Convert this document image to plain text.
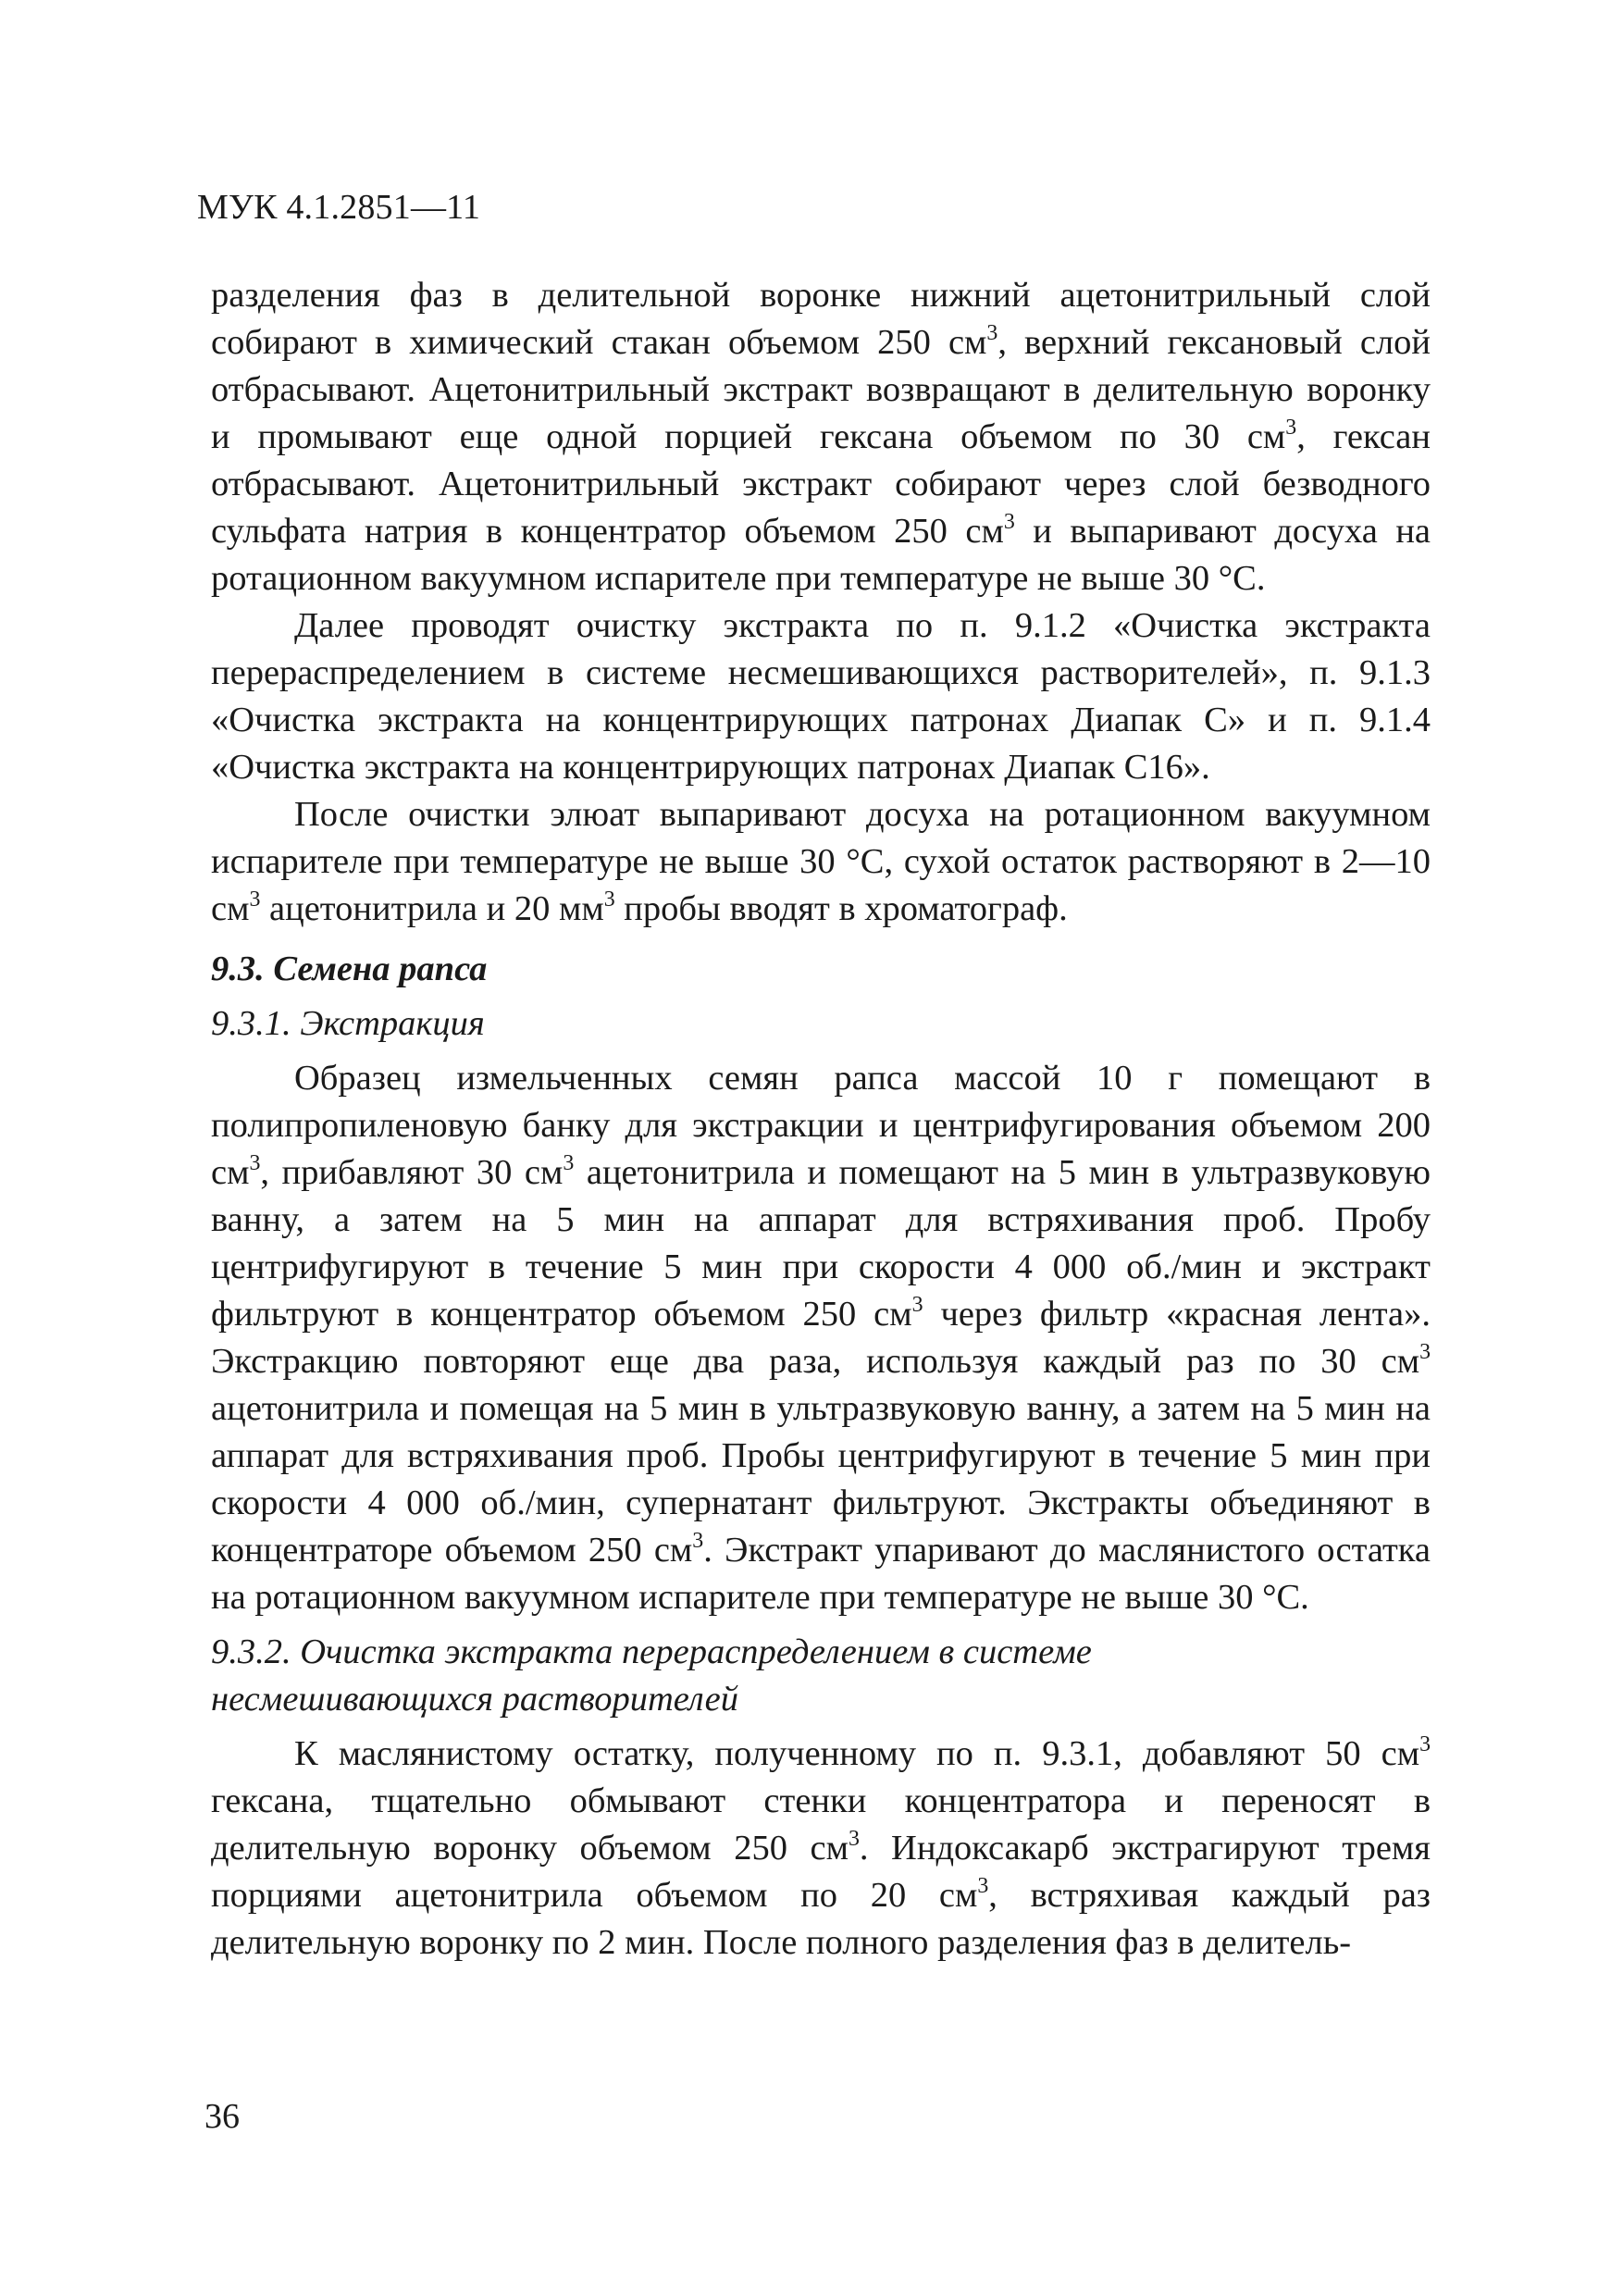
МУК 4.1.2851—11

разделения фаз в делительной воронке нижний ацетонитрильный слой собирают в химический стакан объемом 250 $см^3$, верхний гексановый слой отбрасывают. Ацетонитрильный экстракт возвращают в делительную воронку и промывают еще одной порцией гексана объемом по 30 $см^3$, гексан отбрасывают. Ацетонитрильный экстракт собирают через слой безводного сульфата натрия в концентратор объемом 250 $см^3$ и выпаривают досуха на ротационном вакуумном испарителе при температуре не выше 30 °С.

Далее проводят очистку экстракта по п. 9.1.2 «Очистка экстракта перераспределением в системе несмешивающихся растворителей», п. 9.1.3 «Очистка экстракта на концентрирующих патронах Диапак С» и п. 9.1.4 «Очистка экстракта на концентрирующих патронах Диапак С16».

После очистки элюат выпаривают досуха на ротационном вакуумном испарителе при температуре не выше 30 °С, сухой остаток растворяют в 2—10 $см^3$ ацетонитрила и 20 $мм^3$ пробы вводят в хроматограф.

9.3. Семена рапса

9.3.1. Экстракция

Образец измельченных семян рапса массой 10 г помещают в полипропиленовую банку для экстракции и центрифугирования объемом 200 $см^3$, прибавляют 30 $см^3$ ацетонитрила и помещают на 5 мин в ультразвуковую ванну, а затем на 5 мин на аппарат для встряхивания проб. Пробу центрифугируют в течение 5 мин при скорости 4 000 об./мин и экстракт фильтруют в концентратор объемом 250 $см^3$ через фильтр «красная лента». Экстракцию повторяют еще два раза, используя каждый раз по 30 $см^3$ ацетонитрила и помещая на 5 мин в ультразвуковую ванну, а затем на 5 мин на аппарат для встряхивания проб. Пробы центрифугируют в течение 5 мин при скорости 4 000 об./мин, супернатант фильтруют. Экстракты объединяют в концентраторе объемом 250 $см^3$. Экстракт упаривают до маслянистого остатка на ротационном вакуумном испарителе при температуре не выше 30 °С.

9.3.2. Очистка экстракта перераспределением в системе

несмешивающихся растворителей

К маслянистому остатку, полученному по п. 9.3.1, добавляют 50 $см^3$ гексана, тщательно обмывают стенки концентратора и переносят в делительную воронку объемом 250 $см^3$. Индоксакарб экстрагируют тремя порциями ацетонитрила объемом по 20 $см^3$, встряхивая каждый раз делительную воронку по 2 мин. После полного разделения фаз в делитель-

36
